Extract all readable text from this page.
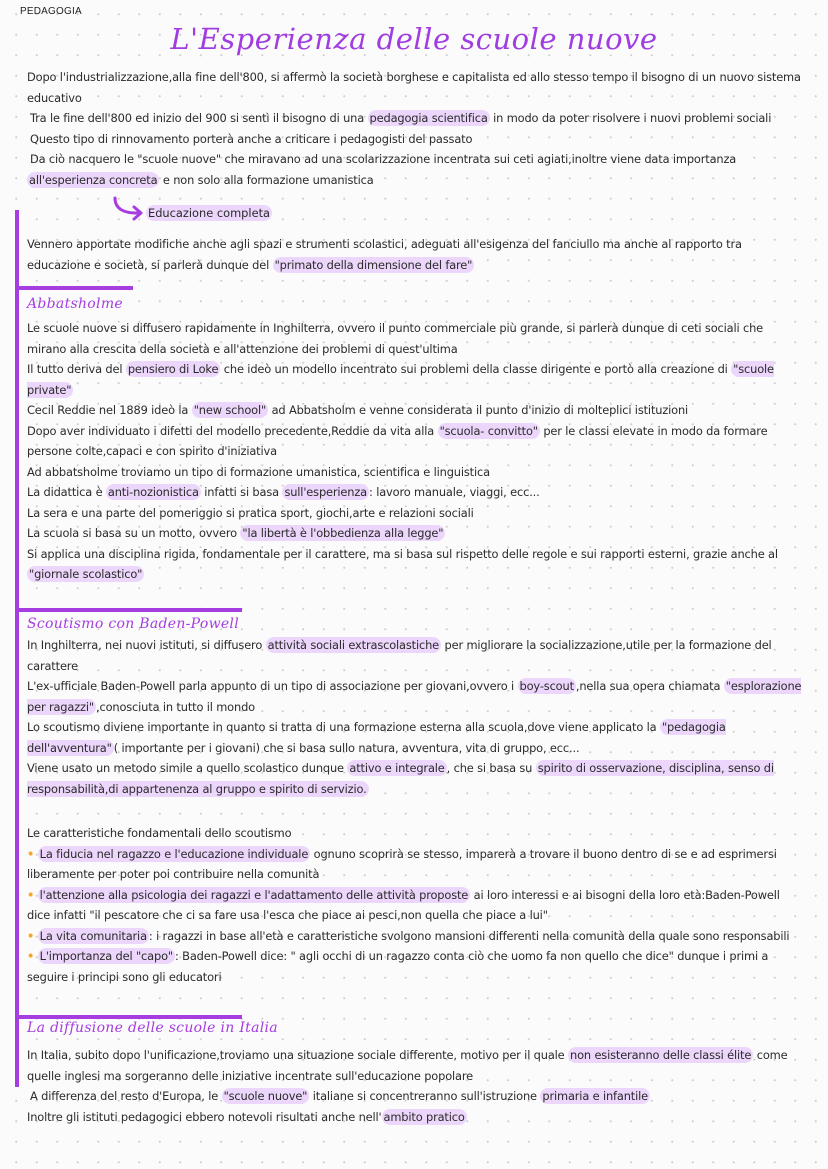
PEDAGOGIA
L'Esperienza delle scuole nuove

Dopo l'industrializzazione,alla fine dell'800, si affermò la società borghese e capitalista ed allo stesso tempo il bisogno di un nuovo sistema educativo

Tra le fine dell'800 ed inizio del 900 si sentì il bisogno di una pedagogia scientifica in modo da poter risolvere i nuovi problemi sociali

Questo tipo di rinnovamento porterà anche a criticare i pedagogisti del passato

Da ciò nacquero le "scuole nuove" che miravano ad una scolarizzazione incentrata sui ceti agiati,inoltre viene data importanza

all'esperienza concreta e non solo alla formazione umanistica

Educazione completa

Vennero apportate modifiche anche agli spazi e strumenti scolastici, adeguati all'esigenza del fanciullo ma anche al rapporto tra educazione e società, si parlerà dunque del "primato della dimensione del fare"

Abbatsholme

Le scuole nuove si diffusero rapidamente in Inghilterra, ovvero il punto commerciale più grande, si parlerà dunque di ceti sociali che mirano alla crescita della società e all'attenzione dei problemi di quest'ultima

Il tutto deriva del pensiero di Loke che ideò un modello incentrato sui problemi della classe dirigente e portò alla creazione di "scuole private"

Cecil Reddie nel 1889 ideò la "new school" ad Abbatsholm e venne considerata il punto d'inizio di molteplici istituzioni

Dopo aver individuato i difetti del modello precedente,Reddie da vita alla "scuola- convitto" per le classi elevate in modo da formare persone colte,capaci e con spirito d'iniziativa

Ad abbatsholme troviamo un tipo di formazione umanistica, scientifica e linguistica

La didattica è anti-nozionistica infatti si basa sull'esperienza : lavoro manuale, viaggi, ecc...

La sera e una parte del pomeriggio si pratica sport, giochi,arte e relazioni sociali

La scuola si basa su un motto, ovvero "la libertà è l'obbedienza alla legge"

Si applica una disciplina rigida, fondamentale per il carattere, ma si basa sul rispetto delle regole e sui rapporti esterni, grazie anche al "giornale scolastico"

Scoutismo con Baden-Powell

In Inghilterra, nei nuovi istituti, si diffusero attività sociali extrascolastiche per migliorare la socializzazione,utile per la formazione del carattere

L'ex-ufficiale Baden-Powell parla appunto di un tipo di associazione per giovani,ovvero i boy-scout ,nella sua opera chiamata "esplorazione per ragazzi" ,conosciuta in tutto il mondo

Lo scoutismo diviene importante in quanto si tratta di una formazione esterna alla scuola,dove viene applicato la "pedagogia dell'avventura" ( importante per i giovani) che si basa sullo natura, avventura, vita di gruppo, ecc...

Viene usato un metodo simile a quello scolastico dunque attivo e integrale , che si basa su spirito di osservazione, disciplina, senso di responsabilità,di appartenenza al gruppo e spirito di servizio.

Le caratteristiche fondamentali dello scoutismo

• La fiducia nel ragazzo e l'educazione individuale ognuno scoprirà se stesso, imparerà a trovare il buono dentro di se e ad esprimersi liberamente per poter poi contribuire nella comunità

• l'attenzione alla psicologia dei ragazzi e l'adattamento delle attività proposte ai loro interessi e ai bisogni della loro età:Baden-Powell dice infatti "il pescatore che ci sa fare usa l'esca che piace ai pesci,non quella che piace a lui"

• La vita comunitaria : i ragazzi in base all'età e caratteristiche svolgono mansioni differenti nella comunità della quale sono responsabili

• L'importanza del "capo" : Baden-Powell dice: " agli occhi di un ragazzo conta ciò che uomo fa non quello che dice" dunque i primi a seguire i principi sono gli educatori

La diffusione delle scuole in Italia

In Italia, subito dopo l'unificazione,troviamo una situazione sociale differente, motivo per il quale non esisteranno delle classi élite come quelle inglesi ma sorgeranno delle iniziative incentrate sull'educazione popolare

A differenza del resto d'Europa, le "scuole nuove" italiane si concentreranno sull'istruzione primaria e infantile

Inoltre gli istituti pedagogici ebbero notevoli risultati anche nell' ambito pratico
